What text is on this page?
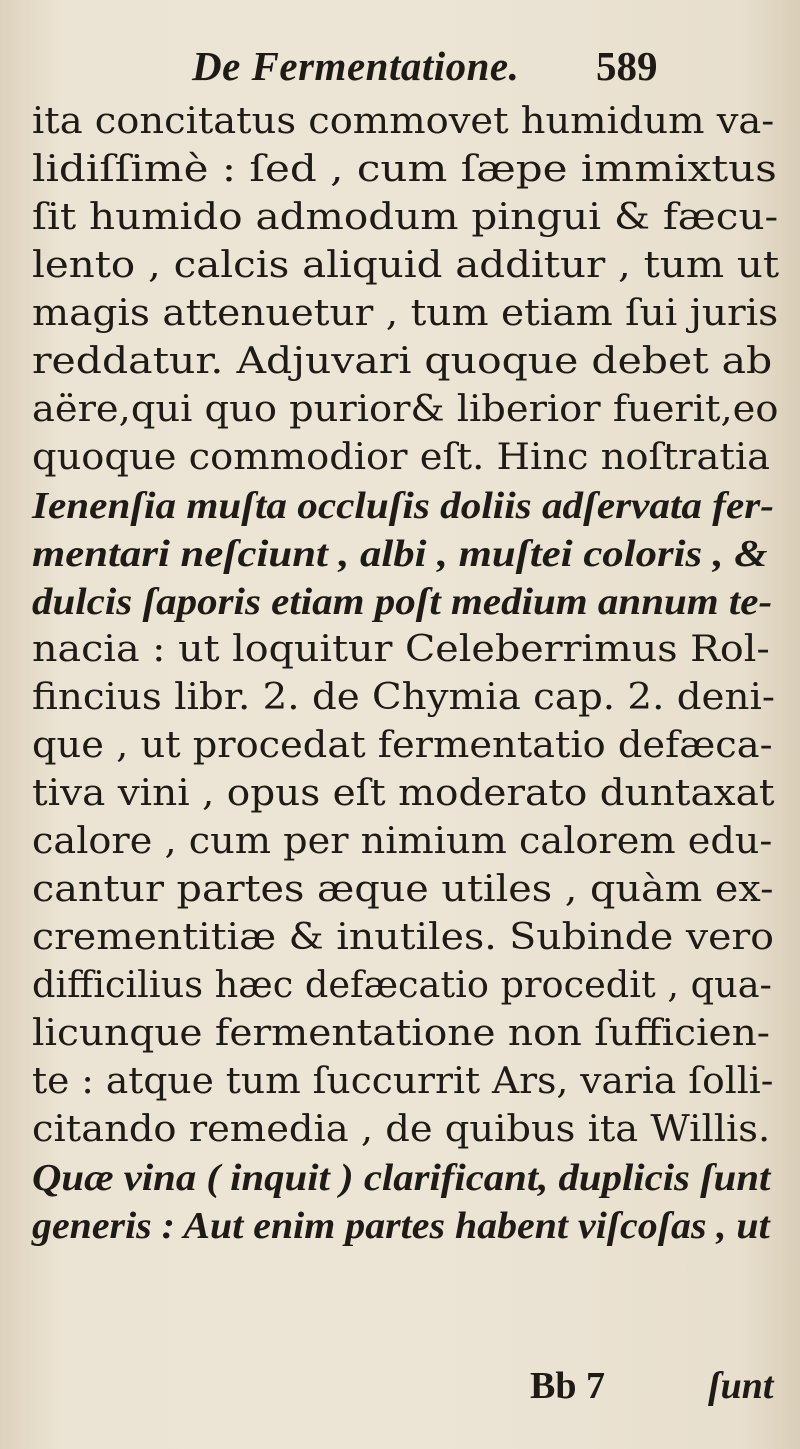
De Fermentatione. 589
ita concitatus commovet humidum va-
lidiſſimè : ſed , cum ſæpe immixtus
ſit humido admodum pingui & fæcu-
lento , calcis aliquid additur , tum ut
magis attenuetur , tum etiam ſui juris
reddatur. Adjuvari quoque debet ab
aëre,qui quo purior& liberior fuerit,eo
quoque commodior eſt. Hinc noſtratia
Ienenſia muſta occluſis doliis adſervata fer-
mentari neſciunt , albi , muſtei coloris , &
dulcis ſaporis etiam poſt medium annum te-
nacia : ut loquitur Celeberrimus Rol-
fincius libr. 2. de Chymia cap. 2. deni-
que , ut procedat fermentatio defæca-
tiva vini , opus eſt moderato duntaxat
calore , cum per nimium calorem edu-
cantur partes æque utiles , quàm ex-
crementitiæ & inutiles. Subinde vero
difficilius hæc defæcatio procedit , qua-
licunque fermentatione non ſufficien-
te : atque tum ſuccurrit Ars, varia ſolli-
citando remedia , de quibus ita Willis.
Quæ vina ( inquit ) clarificant, duplicis ſunt
generis : Aut enim partes habent viſcoſas , ut
Bb 7	ſunt
